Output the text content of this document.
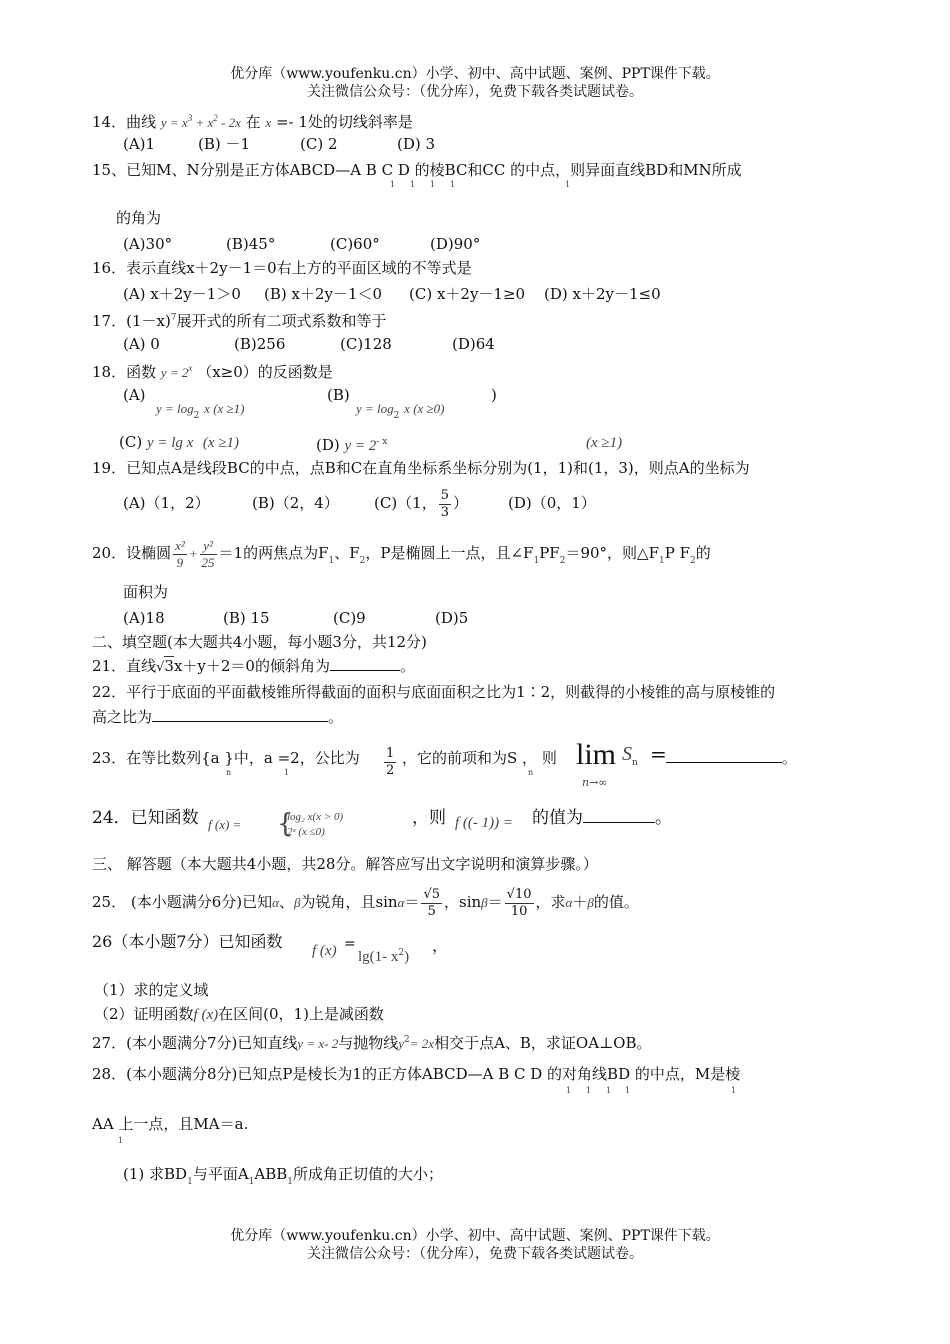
优分库（www.youfenku.cn）小学、初中、高中试题、案例、PPT课件下载。
关注微信公众号：（优分库），免费下载各类试题试卷。
14．曲线 $y = x^3 + x^2 - 2x$ 在 x =- 1处的切线斜率是
(A)1	(B) －1	(C) 2	(D) 3
15、已知M、N分别是正方体ABCD—A B C D 的棱BC和CC 的中点，则异面直线BD和MN所成
1 1 1 1	1
的角为
(A)30°	(B)45°	(C)60°	(D)90°
16．表示直线x＋2y－1＝0右上方的平面区域的不等式是
(A) x＋2y－1＞0 (B) x＋2y－1＜0 (C) x＋2y－1≥0 (D) x＋2y－1≤0
17．$(1-x)^7$展开式的所有二项式系数和等于
(A) 0	(B)256	(C)128	(D)64
18．函数 $y = 2^x$ （x≥0）的反函数是
(A)
$y = \log_2 x$ (x ≥1)
(B)
$y = \log_2 x$ (x ≥0)
)
(C) y = lg x (x ≥1)	(D) $y = 2^{- x}$	(x ≥1)
19．已知点A是线段BC的中点，点B和C在直角坐标系坐标分别为(1，1)和(1，3)，则点A的坐标为
(A)（1，2）	(B)（2，4） (C)（1， $\frac{5}{3}$ ）	(D)（0，1）
20．设椭圆 $\frac{\text{x²}}{9} + \frac{\text{y²}}{25} =1$的两焦点为$F_1$、$F_2$，P是椭圆上一点，且$\angle F_1PF_2=90^\circ$，则$\triangle F_1P$ $F_2$的
面积为
(A)18	(B) 15	(C)9	(D)5
二、填空题(本大题共4小题，每小题3分，共12分)
21．直线√3x＋y＋2＝0的倾斜角为	。
22．平行于底面的平面截棱锥所得截面的面积与底面面积之比为1∶2，则截得的小棱锥的高与原棱锥的
高之比为	。
23．在等比数列{a }中，a =2，公比为
n	1	$\frac{1}{2}$ ，它的前项和为S ， 则
n
lim
n→∞
$S_n$ =	。
24．已知函数 f (x) = {
log₂ x(x > 0)
2ˣ (x ≤0)
，则 f ((- 1)) = 的值为	。
三、 解答题（本大题共4小题，共28分。解答应写出文字说明和演算步骤。）
25． (本小题满分6分)已知α、β为锐角，且$\sin\alpha= \frac{√5}{5}$ ，$\sin\beta= \frac{√10}{10}$ ，求α＋β的值。
26（本小题7分）已知函数 f (x) =
lg(1- $x^2$)
，
（1）求的定义域
（2）证明函数f (x)在区间(0，1)上是减函数
27．(本小题满分7分)已知直线y = x- 2与抛物线$y^2= 2x$相交于点A、B，求证OA⊥OB。
28．(本小题满分8分)已知点P是棱长为1的正方体ABCD—A B C D 的对角线BD 的中点，M是棱
1 1 1 1	1
AA 上一点，且MA＝a.
1
(1) 求$BD_1$与平面$A_1ABB_1$所成角正切值的大小；
优分库（www.youfenku.cn）小学、初中、高中试题、案例、PPT课件下载。
关注微信公众号：（优分库），免费下载各类试题试卷。
